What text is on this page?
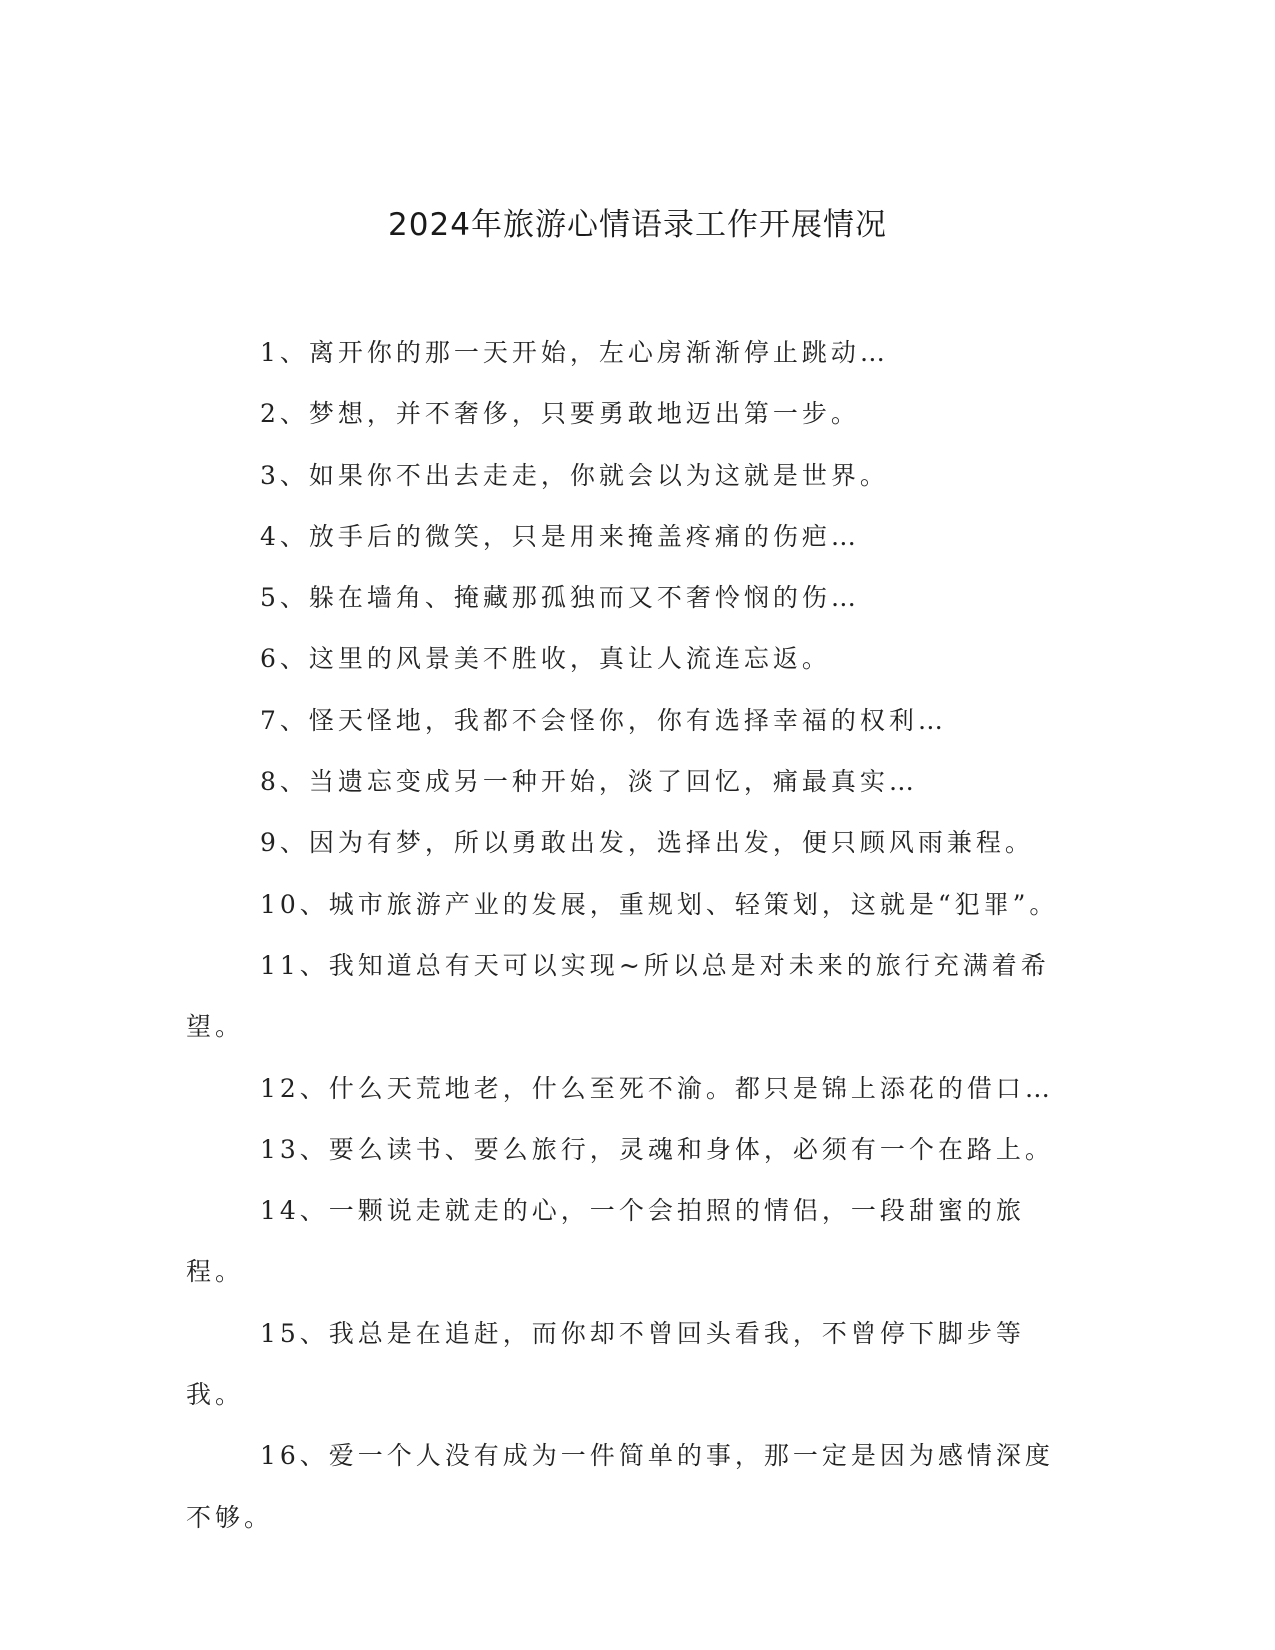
2024年旅游心情语录工作开展情况

1、离开你的那一天开始，左心房渐渐停止跳动…

2、梦想，并不奢侈，只要勇敢地迈出第一步。

3、如果你不出去走走，你就会以为这就是世界。

4、放手后的微笑，只是用来掩盖疼痛的伤疤…

5、躲在墙角、掩藏那孤独而又不奢怜悯的伤…

6、这里的风景美不胜收，真让人流连忘返。

7、怪天怪地，我都不会怪你，你有选择幸福的权利…

8、当遗忘变成另一种开始，淡了回忆，痛最真实…

9、因为有梦，所以勇敢出发，选择出发，便只顾风雨兼程。

10、城市旅游产业的发展，重规划、轻策划，这就是“犯罪”。

11、我知道总有天可以实现~所以总是对未来的旅行充满着希望。

12、什么天荒地老，什么至死不渝。都只是锦上添花的借口…

13、要么读书、要么旅行，灵魂和身体，必须有一个在路上。

14、一颗说走就走的心，一个会拍照的情侣，一段甜蜜的旅程。

15、我总是在追赶，而你却不曾回头看我，不曾停下脚步等我。

16、爱一个人没有成为一件简单的事，那一定是因为感情深度不够。
